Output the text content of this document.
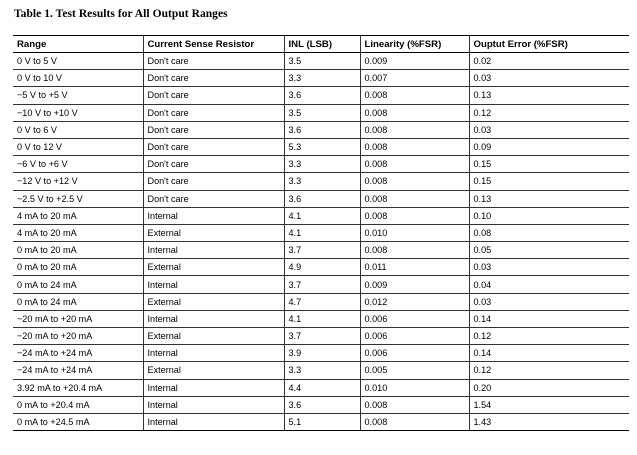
Table 1. Test Results for All Output Ranges
Range	Current Sense Resistor	INL (LSB)	Linearity (%FSR)	Ouptut Error (%FSR)
0 V to 5 V	Don't care	3.5	0.009	0.02
0 V to 10 V	Don't care	3.3	0.007	0.03
−5 V to +5 V	Don't care	3.6	0.008	0.13
−10 V to +10 V	Don't care	3.5	0.008	0.12
0 V to 6 V	Don't care	3.6	0.008	0.03
0 V to 12 V	Don't care	5.3	0.008	0.09
−6 V to +6 V	Don't care	3.3	0.008	0.15
−12 V to +12 V	Don't care	3.3	0.008	0.15
−2.5 V to +2.5 V	Don't care	3.6	0.008	0.13
4 mA to 20 mA	Internal	4.1	0.008	0.10
4 mA to 20 mA	External	4.1	0.010	0.08
0 mA to 20 mA	Internal	3.7	0.008	0.05
0 mA to 20 mA	External	4.9	0.011	0.03
0 mA to 24 mA	Internal	3.7	0.009	0.04
0 mA to 24 mA	External	4.7	0.012	0.03
−20 mA to +20 mA	Internal	4.1	0.006	0.14
−20 mA to +20 mA	External	3.7	0.006	0.12
−24 mA to +24 mA	Internal	3.9	0.006	0.14
−24 mA to +24 mA	External	3.3	0.005	0.12
3.92 mA to +20.4 mA	Internal	4.4	0.010	0.20
0 mA to +20.4 mA	Internal	3.6	0.008	1.54
0 mA to +24.5 mA	Internal	5.1	0.008	1.43
